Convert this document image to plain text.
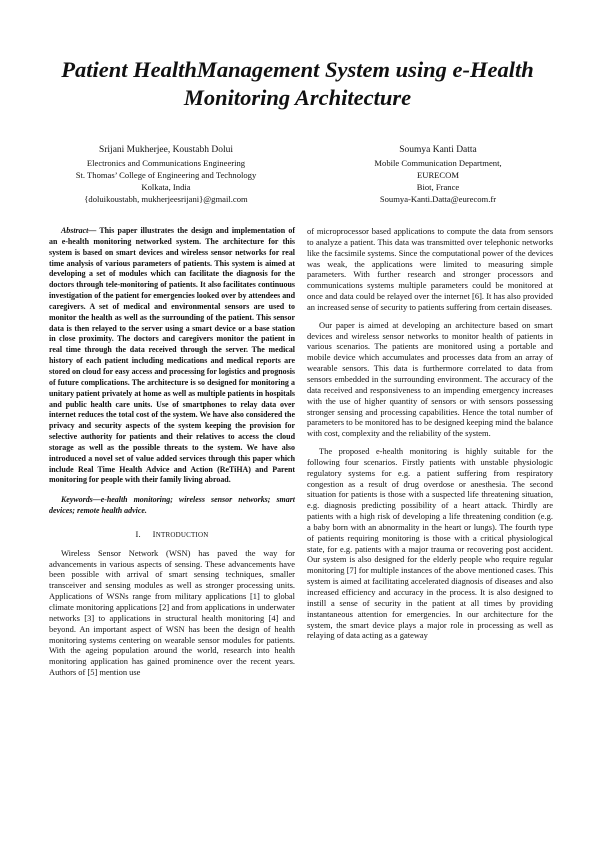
Patient HealthManagement System using e-Health
Monitoring Architecture
Srijani Mukherjee, Koustabh Dolui
Electronics and Communications Engineering
St. Thomas’ College of Engineering and Technology
Kolkata, India
{doluikoustabh, mukherjeesrijani}@gmail.com
Soumya Kanti Datta
Mobile Communication Department,
EURECOM
Biot, France
Soumya-Kanti.Datta@eurecom.fr

Abstract— This paper illustrates the design and implementation of an e-health monitoring networked system. The architecture for this system is based on smart devices and wireless sensor networks for real time analysis of various parameters of patients. This system is aimed at developing a set of modules which can facilitate the diagnosis for the doctors through tele-monitoring of patients. It also facilitates continuous investigation of the patient for emergencies looked over by attendees and caregivers. A set of medical and environmental sensors are used to monitor the health as well as the surrounding of the patient. This sensor data is then relayed to the server using a smart device or a base station in close proximity. The doctors and caregivers monitor the patient in real time through the data received through the server. The medical history of each patient including medications and medical reports are stored on cloud for easy access and processing for logistics and prognosis of future complications. The architecture is so designed for monitoring a unitary patient privately at home as well as multiple patients in hospitals and public health care units. Use of smartphones to relay data over internet reduces the total cost of the system. We have also considered the privacy and security aspects of the system keeping the provision for selective authority for patients and their relatives to access the cloud storage as well as the possible threats to the system. We have also introduced a novel set of value added services through this paper which include Real Time Health Advice and Action (ReTiHA) and Parent monitoring for people with their family living abroad.

Keywords—e-health monitoring; wireless sensor networks; smart devices; remote health advice.

I. INTRODUCTION

Wireless Sensor Network (WSN) has paved the way for advancements in various aspects of sensing. These advancements have been possible with arrival of smart sensing techniques, smaller transceiver and sensing modules as well as stronger processing units. Applications of WSNs range from military applications [1] to global climate monitoring applications [2] and from applications in underwater networks [3] to applications in structural health monitoring [4] and beyond. An important aspect of WSN has been the design of health monitoring systems centering on wearable sensor modules for patients. With the ageing population around the world, research into health monitoring application has gained prominence over the recent years. Authors of [5] mention use

of microprocessor based applications to compute the data from sensors to analyze a patient. This data was transmitted over telephonic networks like the facsimile systems. Since the computational power of the devices was weak, the applications were limited to measuring simple parameters. With further research and stronger processors and communications systems multiple parameters could be monitored at once and data could be relayed over the internet [6]. It has also provided an increased sense of security to patients suffering from certain diseases.

Our paper is aimed at developing an architecture based on smart devices and wireless sensor networks to monitor health of patients in various scenarios. The patients are monitored using a portable and mobile device which accumulates and processes data from an array of wearable sensors. This data is furthermore correlated to data from sensors embedded in the surrounding environment. The accuracy of the data received and responsiveness to an impending emergency increases with the use of higher quantity of sensors or with sensors possessing stronger sensing and processing capabilities. Hence the total number of parameters to be monitored has to be designed keeping mind the balance with cost, complexity and the reliability of the system.

The proposed e-health monitoring is highly suitable for the following four scenarios. Firstly patients with unstable physiologic regulatory systems for e.g. a patient suffering from respiratory congestion as a result of drug overdose or anesthesia. The second situation for patients is those with a suspected life threatening situation, e.g. diagnosis predicting possibility of a heart attack. Thirdly are patients with a high risk of developing a life threatening condition (e.g. a baby born with an abnormality in the heart or lungs). The fourth type of patients requiring monitoring is those with a critical physiological state, for e.g. patients with a major trauma or recovering post accident. Our system is also designed for the elderly people who require regular monitoring [7] for multiple instances of the above mentioned cases. This system is aimed at facilitating accelerated diagnosis of diseases and also increased efficiency and accuracy in the process. It is also designed to instill a sense of security in the patient at all times by providing instantaneous attention for emergencies. In our architecture for the system, the smart device plays a major role in processing as well as relaying of data acting as a gateway
